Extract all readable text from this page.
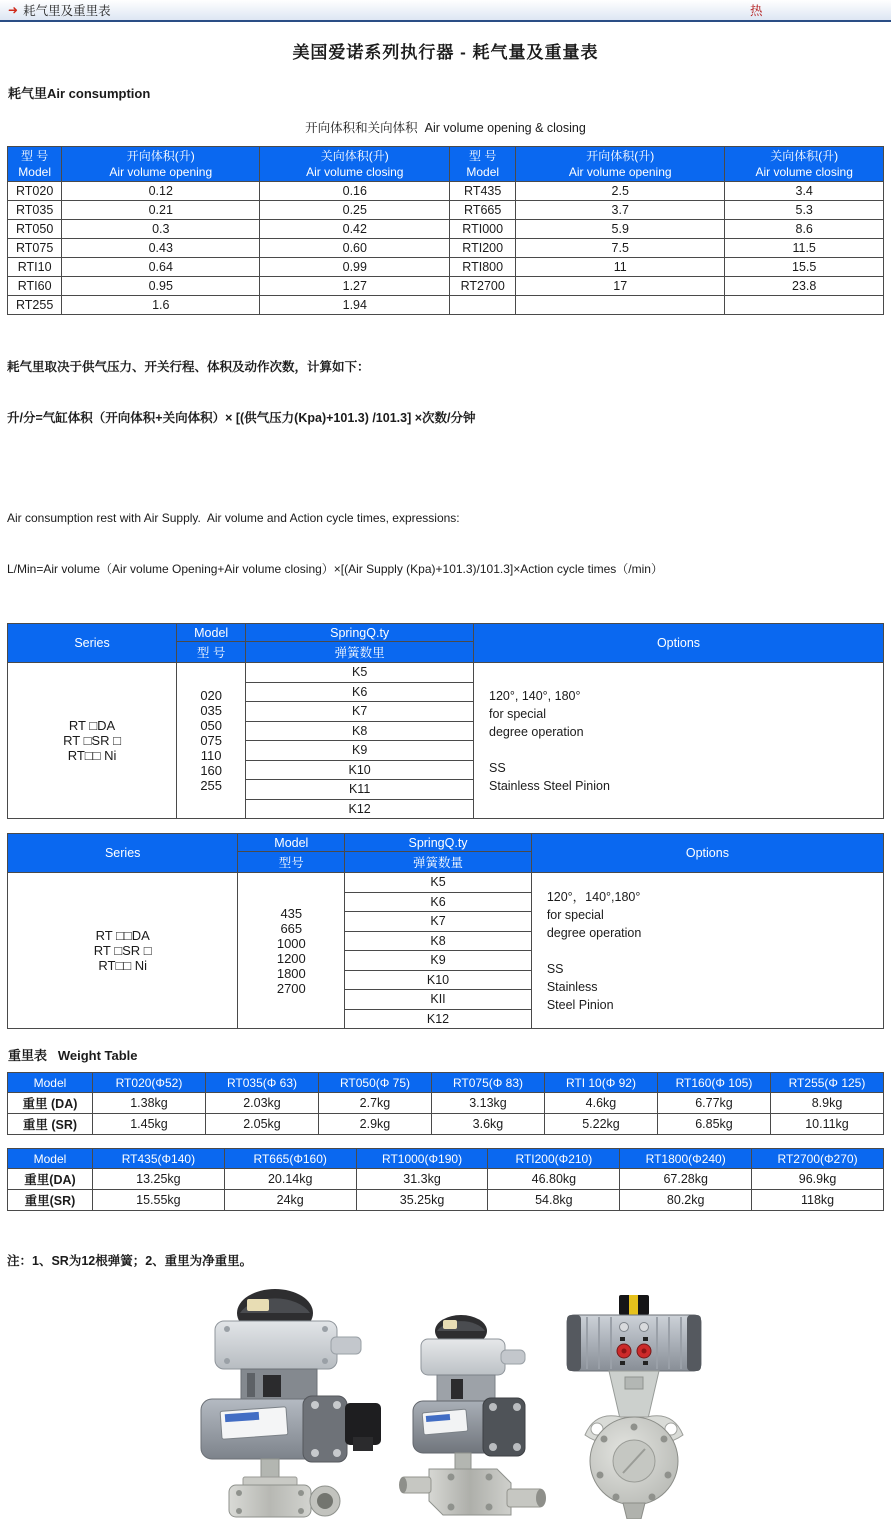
➜ 耗气里及重里表	热
美国爱诺系列执行器 - 耗气量及重量表
耗气里Air consumption
开向体积和关向体积  Air volume opening & closing
型 号
Model

开向体积(升)
Air volume opening

关向体积(升)
Air volume closing

型 号
Model

开向体积(升)
Air volume opening

关向体积(升)
Air volume closing

RT020	0.12	0.16	RT435	2.5	3.4
RT035	0.21	0.25	RT665	3.7	5.3
RT050	0.3	0.42	RTI000	5.9	8.6
RT075	0.43	0.60	RTI200	7.5	11.5
RTI10	0.64	0.99	RTI800	11	15.5
RTI60	0.95	1.27	RT2700	17	23.8
RT255	1.6	1.94			

耗气里取决于供气压力、开关行程、体积及动作次数，计算如下：

升/分=气缸体积（开向体积+关向体积）× [(供气压力(Kpa)+101.3) /101.3] ×次数/分钟

Air consumption rest with Air Supply.  Air volume and Action cycle times, expressions:

L/Min=Air volume（Air volume Opening+Air volume closing）×[(Air Supply (Kpa)+101.3)/101.3]×Action cycle times（/min）

Series	Model	SpringQ.ty	Options
	型 号	弹簧数里	

RT □DA
RT □SR □
RT□□ Ni

020
035
050
075
110
160
255
	K5	
120°, 140°, 180°
for special
degree operation
SS
Stainless Steel Pinion

		K6	
		K7	
		K8	
		K9	
		K10	
		K11	
		K12	
Series	Model	SpringQ.ty	Options
	型号	弹簧数量	

RT □□DA
RT □SR □
RT□□ Ni

435
665
1000
1200
1800
2700
	K5	
120°，140°,180°
for special
degree operation
SS
Stainless
Steel Pinion

		K6	
		K7	
		K8	
		K9	
		K10	
		KII	
		K12	
重里表   Weight Table
Model	RT020(Φ52)	RT035(Φ 63)	RT050(Φ 75)	RT075(Φ 83)	RTI 10(Φ 92)	RT160(Φ 105)	RT255(Φ 125)
重里 (DA)	1.38kg	2.03kg	2.7kg	3.13kg	4.6kg	6.77kg	8.9kg
重里 (SR)	1.45kg	2.05kg	2.9kg	3.6kg	5.22kg	6.85kg	10.11kg
Model	RT435(Φ140)	RT665(Φ160)	RT1000(Φ190)	RTI200(Φ210)	RT1800(Φ240)	RT2700(Φ270)
重里(DA)	13.25kg	20.14kg	31.3kg	46.80kg	67.28kg	96.9kg
重里(SR)	15.55kg	24kg	35.25kg	54.8kg	80.2kg	118kg
注：1、SR为12根弹簧；2、重里为净重里。
